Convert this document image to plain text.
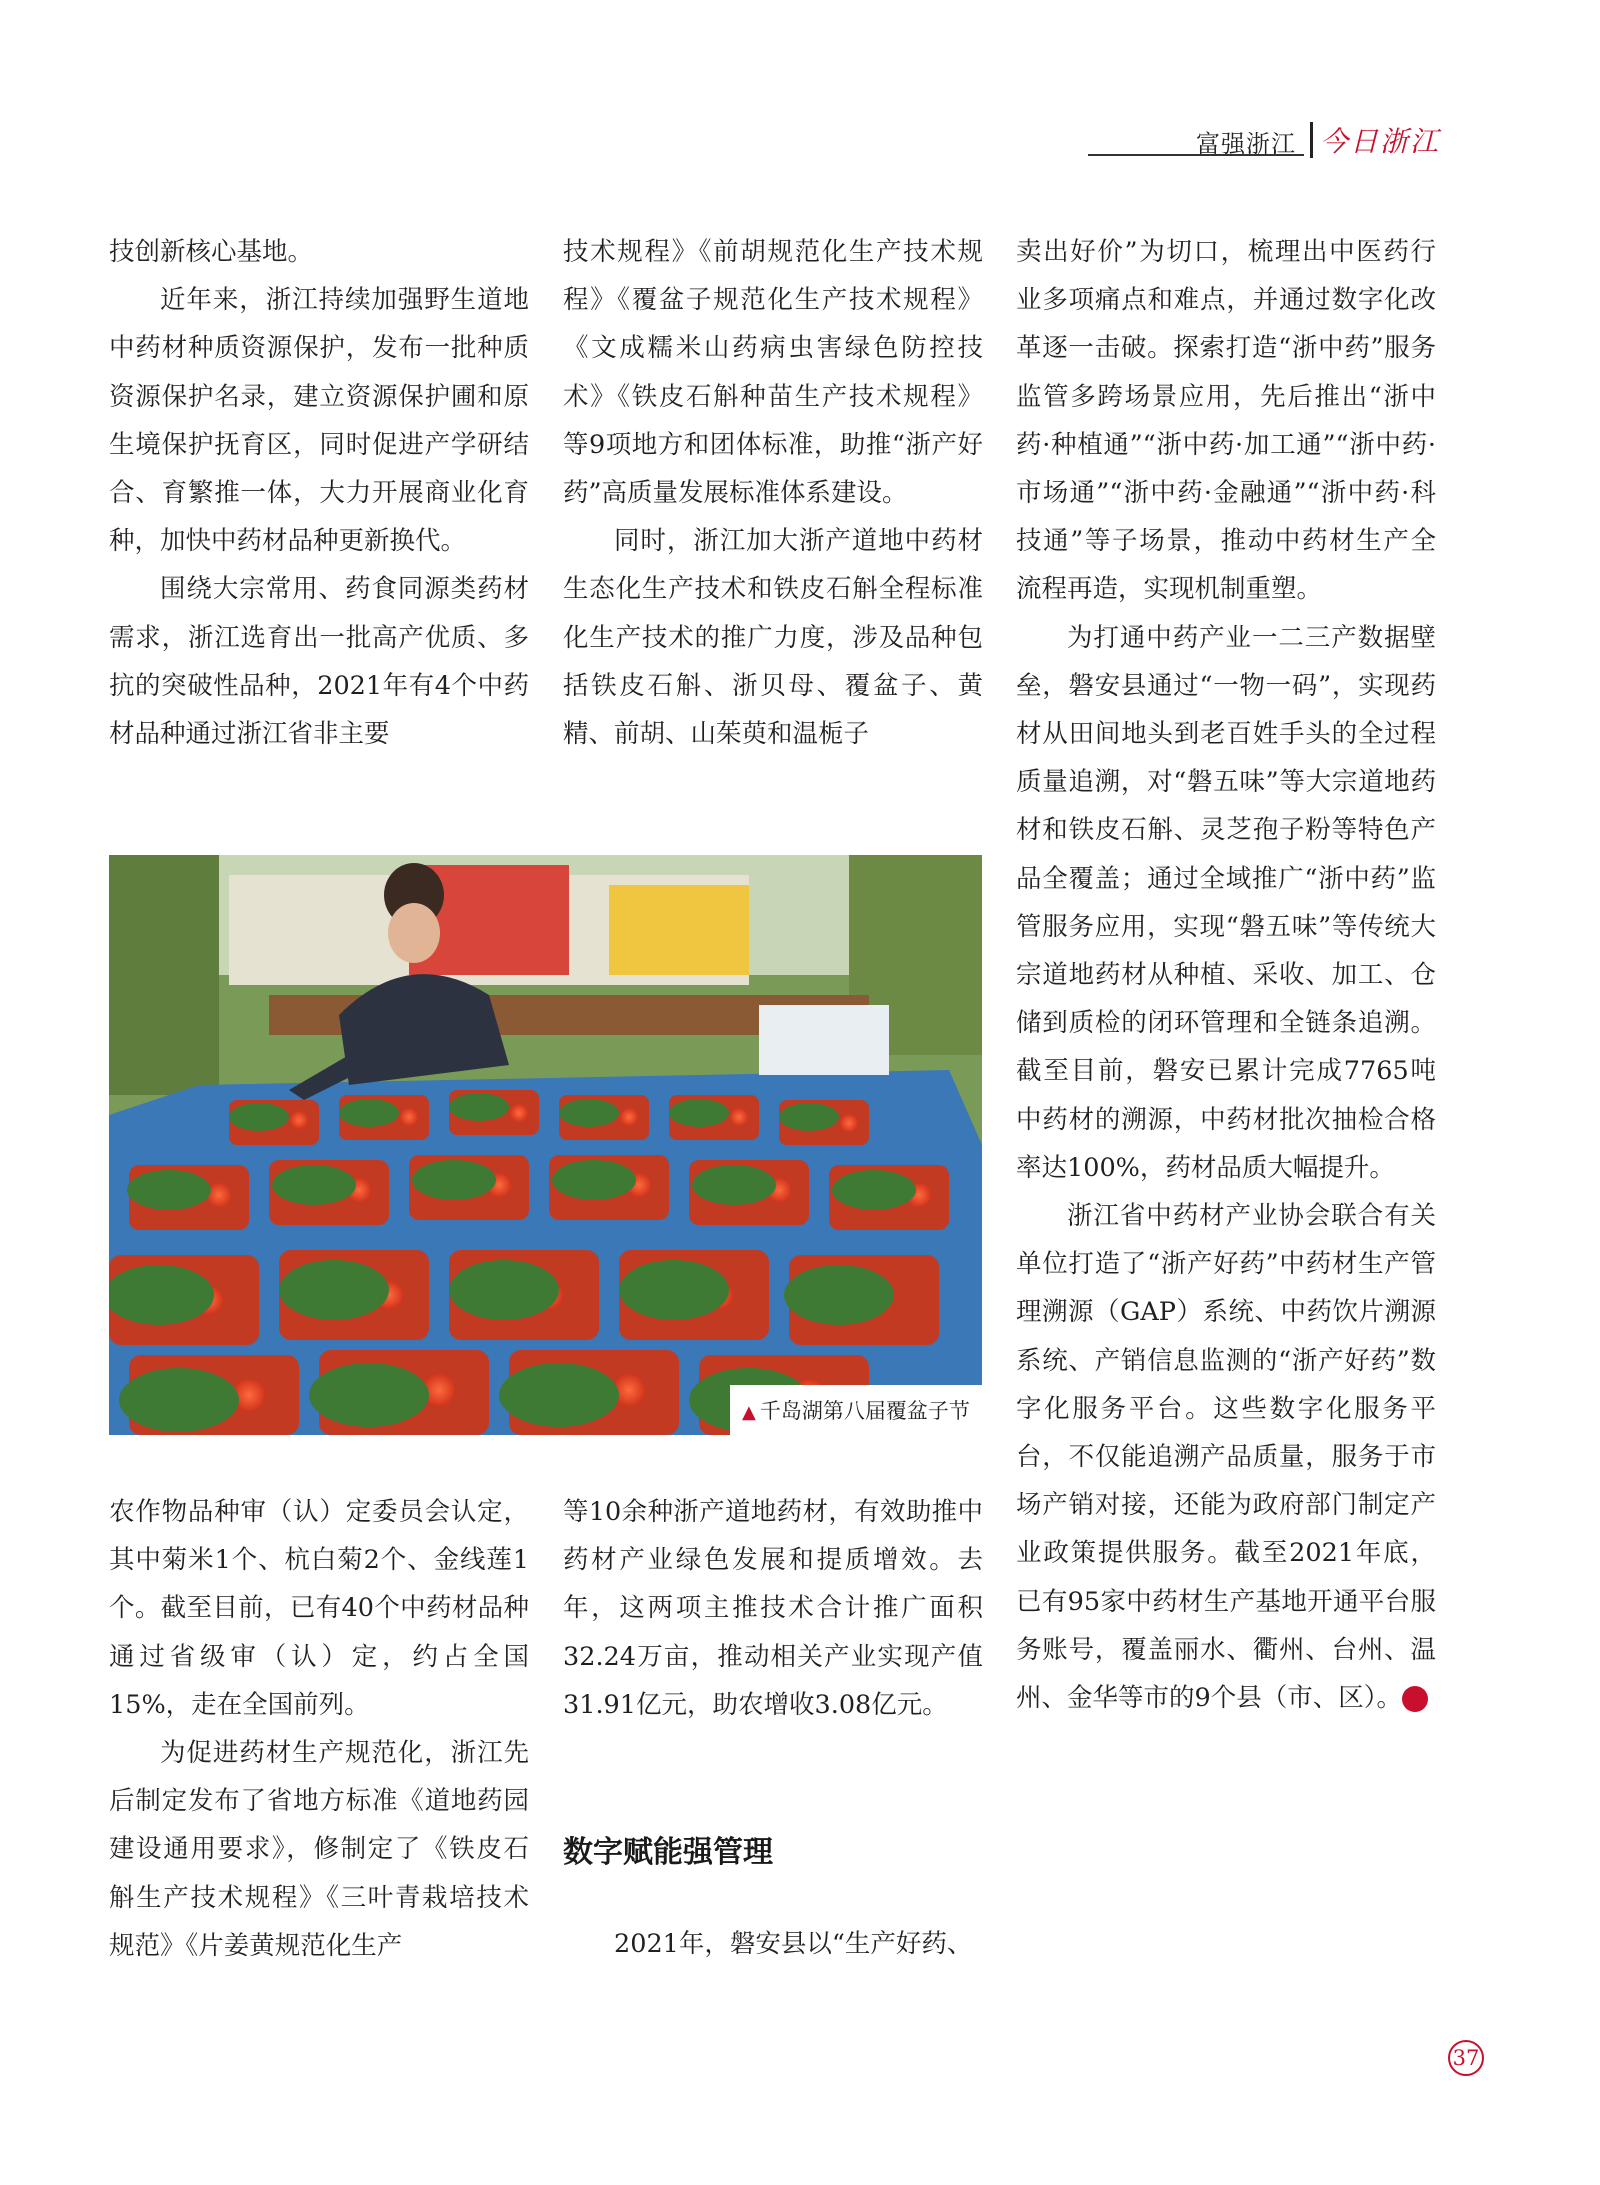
富强浙江 今日浙江

技创新核心基地。

近年来，浙江持续加强野生道地中药材种质资源保护，发布一批种质资源保护名录，建立资源保护圃和原生境保护抚育区，同时促进产学研结合、育繁推一体，大力开展商业化育种，加快中药材品种更新换代。

围绕大宗常用、药食同源类药材需求，浙江选育出一批高产优质、多抗的突破性品种，2021年有4个中药材品种通过浙江省非主要

技术规程》《前胡规范化生产技术规程》《覆盆子规范化生产技术规程》《文成糯米山药病虫害绿色防控技术》《铁皮石斛种苗生产技术规程》等9项地方和团体标准，助推“浙产好药”高质量发展标准体系建设。

同时，浙江加大浙产道地中药材生态化生产技术和铁皮石斛全程标准化生产技术的推广力度，涉及品种包括铁皮石斛、浙贝母、覆盆子、黄精、前胡、山茱萸和温栀子

卖出好价”为切口，梳理出中医药行业多项痛点和难点，并通过数字化改革逐一击破。探索打造“浙中药”服务监管多跨场景应用，先后推出“浙中药·种植通”“浙中药·加工通”“浙中药·市场通”“浙中药·金融通”“浙中药·科技通”等子场景，推动中药材生产全流程再造，实现机制重塑。

为打通中药产业一二三产数据壁垒，磐安县通过“一物一码”，实现药材从田间地头到老百姓手头的全过程质量追溯，对“磐五味”等大宗道地药材和铁皮石斛、灵芝孢子粉等特色产品全覆盖；通过全域推广“浙中药”监管服务应用，实现“磐五味”等传统大宗道地药材从种植、采收、加工、仓储到质检的闭环管理和全链条追溯。截至目前，磐安已累计完成7765吨中药材的溯源，中药材批次抽检合格率达100%，药材品质大幅提升。

浙江省中药材产业协会联合有关单位打造了“浙产好药”中药材生产管理溯源（GAP）系统、中药饮片溯源系统、产销信息监测的“浙产好药”数字化服务平台。这些数字化服务平台，不仅能追溯产品质量，服务于市场产销对接，还能为政府部门制定产业政策提供服务。截至2021年底，已有95家中药材生产基地开通平台服务账号，覆盖丽水、衢州、台州、温州、金华等市的9个县（市、区）。	今

▲ 千岛湖第八届覆盆子节

农作物品种审（认）定委员会认定，其中菊米1个、杭白菊2个、金线莲1个。截至目前，已有40个中药材品种通过省级审（认）定，约占全国15%，走在全国前列。

为促进药材生产规范化，浙江先后制定发布了省地方标准《道地药园建设通用要求》，修制定了《铁皮石斛生产技术规程》《三叶青栽培技术规范》《片姜黄规范化生产

等10余种浙产道地药材，有效助推中药材产业绿色发展和提质增效。去年，这两项主推技术合计推广面积32.24万亩，推动相关产业实现产值31.91亿元，助农增收3.08亿元。

数字赋能强管理

2021年，磐安县以“生产好药、

37
